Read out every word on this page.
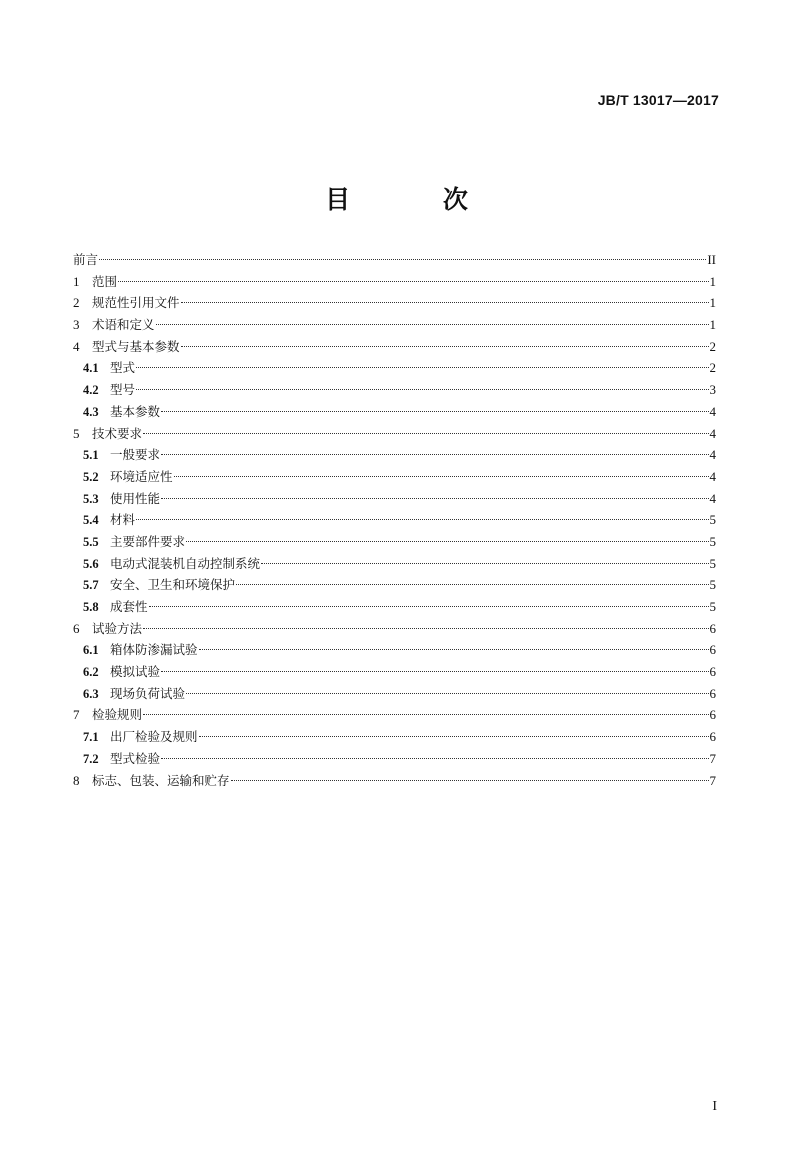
JB/T 13017—2017
目 次
前言	II
1	范围	1
2	规范性引用文件	1
3	术语和定义	1
4	型式与基本参数	2
4.1 型式	2
4.2 型号	3
4.3 基本参数	4
5	技术要求	4
5.1 一般要求	4
5.2 环境适应性	4
5.3 使用性能	4
5.4 材料	5
5.5 主要部件要求	5
5.6 电动式混装机自动控制系统	5
5.7 安全、卫生和环境保护	5
5.8 成套性	5
6	试验方法	6
6.1 箱体防渗漏试验	6
6.2 模拟试验	6
6.3 现场负荷试验	6
7	检验规则	6
7.1 出厂检验及规则	6
7.2 型式检验	7
8	标志、包装、运输和贮存	7
I
